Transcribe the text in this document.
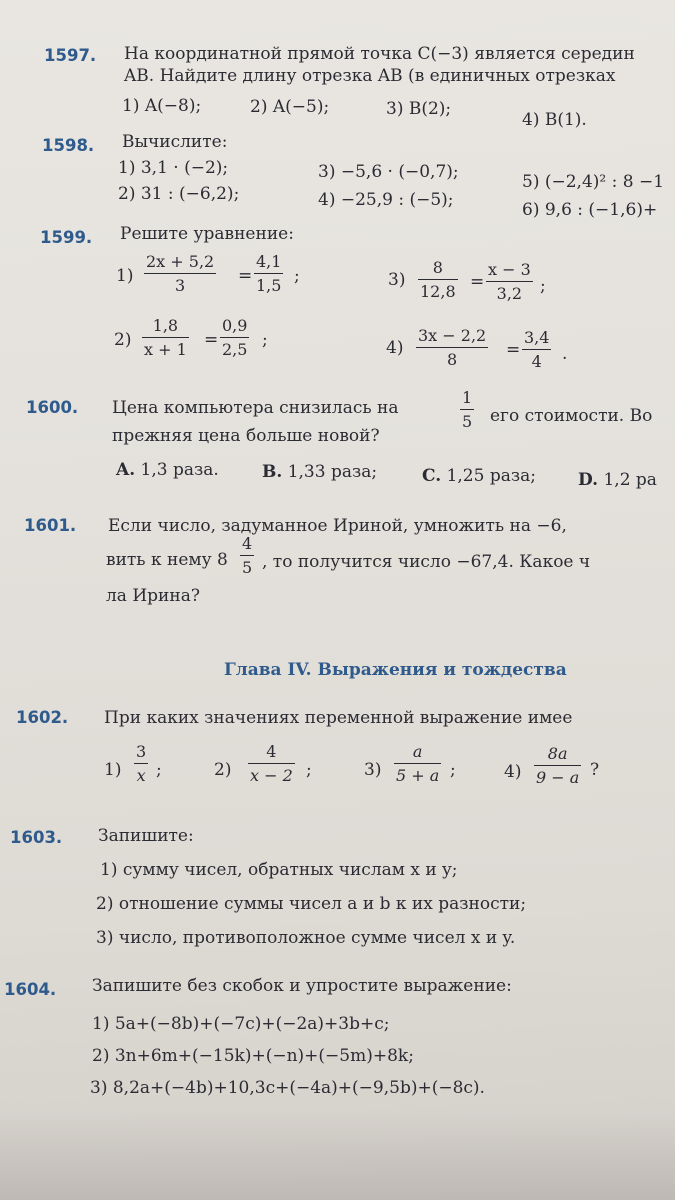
1597. На координатной прямой точка C(−3) является середин
AB. Найдите длину отрезка AB (в единичных отрезках
1) A(−8);	2) A(−5);	3) B(2);
4) B(1).
1598. Вычислите:
1) 3,1 · (−2);	3) −5,6 · (−0,7);	5) (−2,4)² : 8 −1
2) 31 : (−6,2);	4) −25,9 : (−5);	6) 9,6 : (−1,6)+
1599. Решите уравнение:
1)
2x + 5,2
3	=
4,1
1,5 ;	3)
8
12,8 =
x − 3
3,2 ;
2)
1,8
x + 1 =
0,9
2,5 ;	4)
3x − 2,2
8	=
3,4
4 .
1600. Цена компьютера снизилась на
1
5 его стоимости. Во
прежняя цена больше новой?
A. 1,3 раза.	B. 1,33 раза;	C. 1,25 раза; D. 1,2 ра
1601. Если число, задуманное Ириной, умножить на −6,
вить к нему 8
4
5 , то получится число −67,4. Какое ч
ла Ирина?
Глава IV. Выражения и тождества
1602. При каких значениях переменной выражение имее
1)
3
x ;	2)
4
x − 2 ;	3)
a
5 + a ;	4)
8a
9 − a ?
1603. Запишите:
1) сумму чисел, обратных числам x и y;
2) отношение суммы чисел a и b к их разности;
3) число, противоположное сумме чисел x и y.
1604. Запишите без скобок и упростите выражение:
1) 5a+(−8b)+(−7c)+(−2a)+3b+c;
2) 3n+6m+(−15k)+(−n)+(−5m)+8k;
3) 8,2a+(−4b)+10,3c+(−4a)+(−9,5b)+(−8c).
